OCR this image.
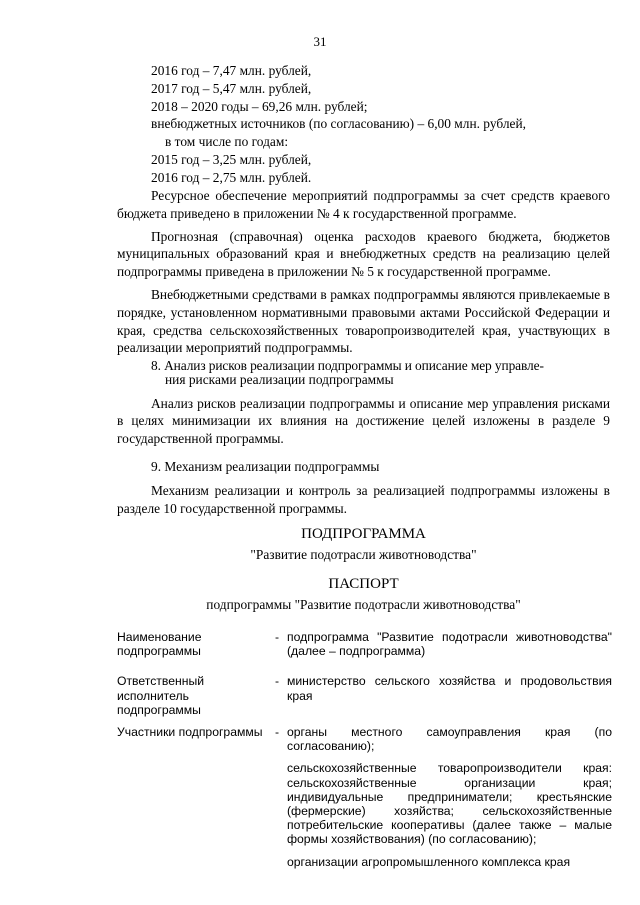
31
2016 год – 7,47 млн. рублей,
2017 год – 5,47 млн. рублей,
2018 – 2020 годы – 69,26 млн. рублей;
внебюджетных источников (по согласованию) – 6,00 млн. рублей,
в том числе по годам:
2015 год – 3,25 млн. рублей,
2016 год – 2,75 млн. рублей.

Ресурсное обеспечение мероприятий подпрограммы за счет средств краевого бюджета приведено в приложении № 4 к государственной программе.

Прогнозная (справочная) оценка расходов краевого бюджета, бюджетов муниципальных образований края и внебюджетных средств на реализацию целей подпрограммы приведена в приложении № 5 к государственной программе.

Внебюджетными средствами в рамках подпрограммы являются привлекаемые в порядке, установленном нормативными правовыми актами Российской Федерации и края, средства сельскохозяйственных товаропроизводителей края, участвующих в реализации мероприятий подпрограммы.

8. Анализ рисков реализации подпрограммы и описание мер управле-
ния рисками реализации подпрограммы

Анализ рисков реализации подпрограммы и описание мер управления рисками в целях минимизации их влияния на достижение целей изложены в разделе 9 государственной программы.

9. Механизм реализации подпрограммы

Механизм реализации и контроль за реализацией подпрограммы изложены в разделе 10 государственной программы.

ПОДПРОГРАММА
"Развитие подотрасли животноводства"
ПАСПОРТ
подпрограммы "Развитие подотрасли животноводства"
Наименование подпрограммы
- подпрограмма "Развитие подотрасли животноводства" (далее – подпрограмма)

Ответственный исполнитель подпрограммы
- министерство сельского хозяйства и продовольствия края

Участники подпрограммы	- органы местного самоуправления края (по согласованию);

сельскохозяйственные товаропроизводители края: сельскохозяйственные организации края; индивидуальные предприниматели; крестьянские (фермерские) хозяйства; сельскохозяйственные потребительские кооперативы (далее также – малые формы хозяйствования) (по согласованию);

организации агропромышленного комплекса края
